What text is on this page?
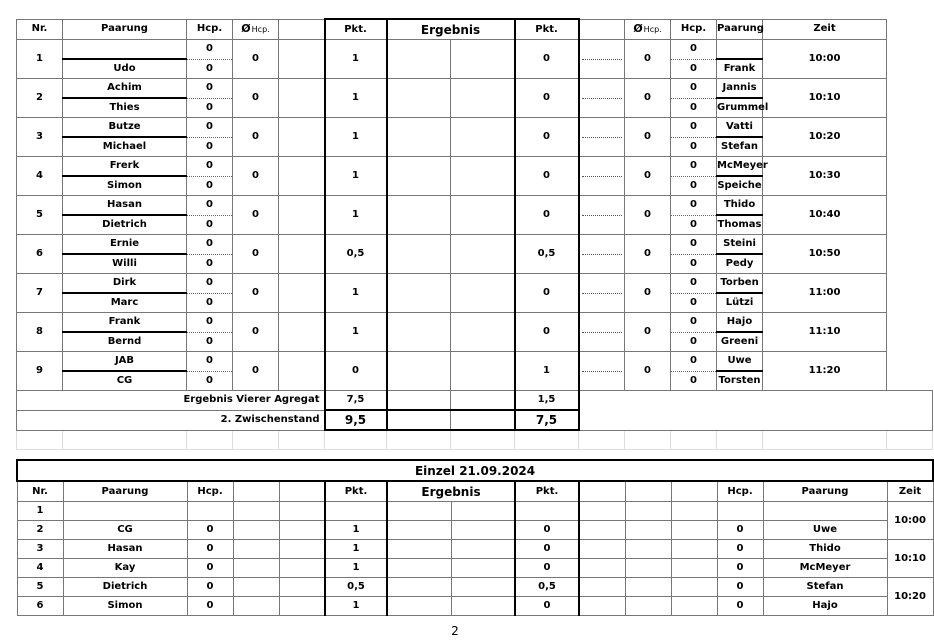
Nr.	Paarung	Hcp.	ØHcp.		Pkt.	Ergebnis		Pkt.		ØHcp.	Hcp.	Paarung	Zeit	
1		0	0		1			0		0	0		10:00	
	Udo	0									0	Frank		
2	Achim	0	0		1			0		0	0	Jannis	10:10	
	Thies	0									0	Grummel		
3	Butze	0	0		1			0		0	0	Vatti	10:20	
	Michael	0									0	Stefan		
4	Frerk	0	0		1			0		0	0	McMeyer	10:30	
	Simon	0									0	Speiche		
5	Hasan	0	0		1			0		0	0	Thido	10:40	
	Dietrich	0									0	Thomas		
6	Ernie	0	0		0,5			0,5		0	0	Steini	10:50	
	Willi	0									0	Pedy		
7	Dirk	0	0		1			0		0	0	Torben	11:00	
	Marc	0									0	Lützi		
8	Frank	0	0		1			0		0	0	Hajo	11:10	
	Bernd	0									0	Greeni		
9	JAB	0	0		0			1		0	0	Uwe	11:20	
	CG	0									0	Torsten		
Ergebnis Vierer Agregat					7,5			1,5						
2. Zwischenstand					9,5			7,5						

Einzel 21.09.2024														
Nr.	Paarung	Hcp.			Pkt.	Ergebnis		Pkt.				Hcp.	Paarung	Zeit
1														10:00
2	CG	0			1			0				0	Uwe	
3	Hasan	0			1			0				0	Thido	10:10
4	Kay	0			1			0				0	McMeyer	
5	Dietrich	0			0,5			0,5				0	Stefan	10:20
6	Simon	0			1			0				0	Hajo	
2
